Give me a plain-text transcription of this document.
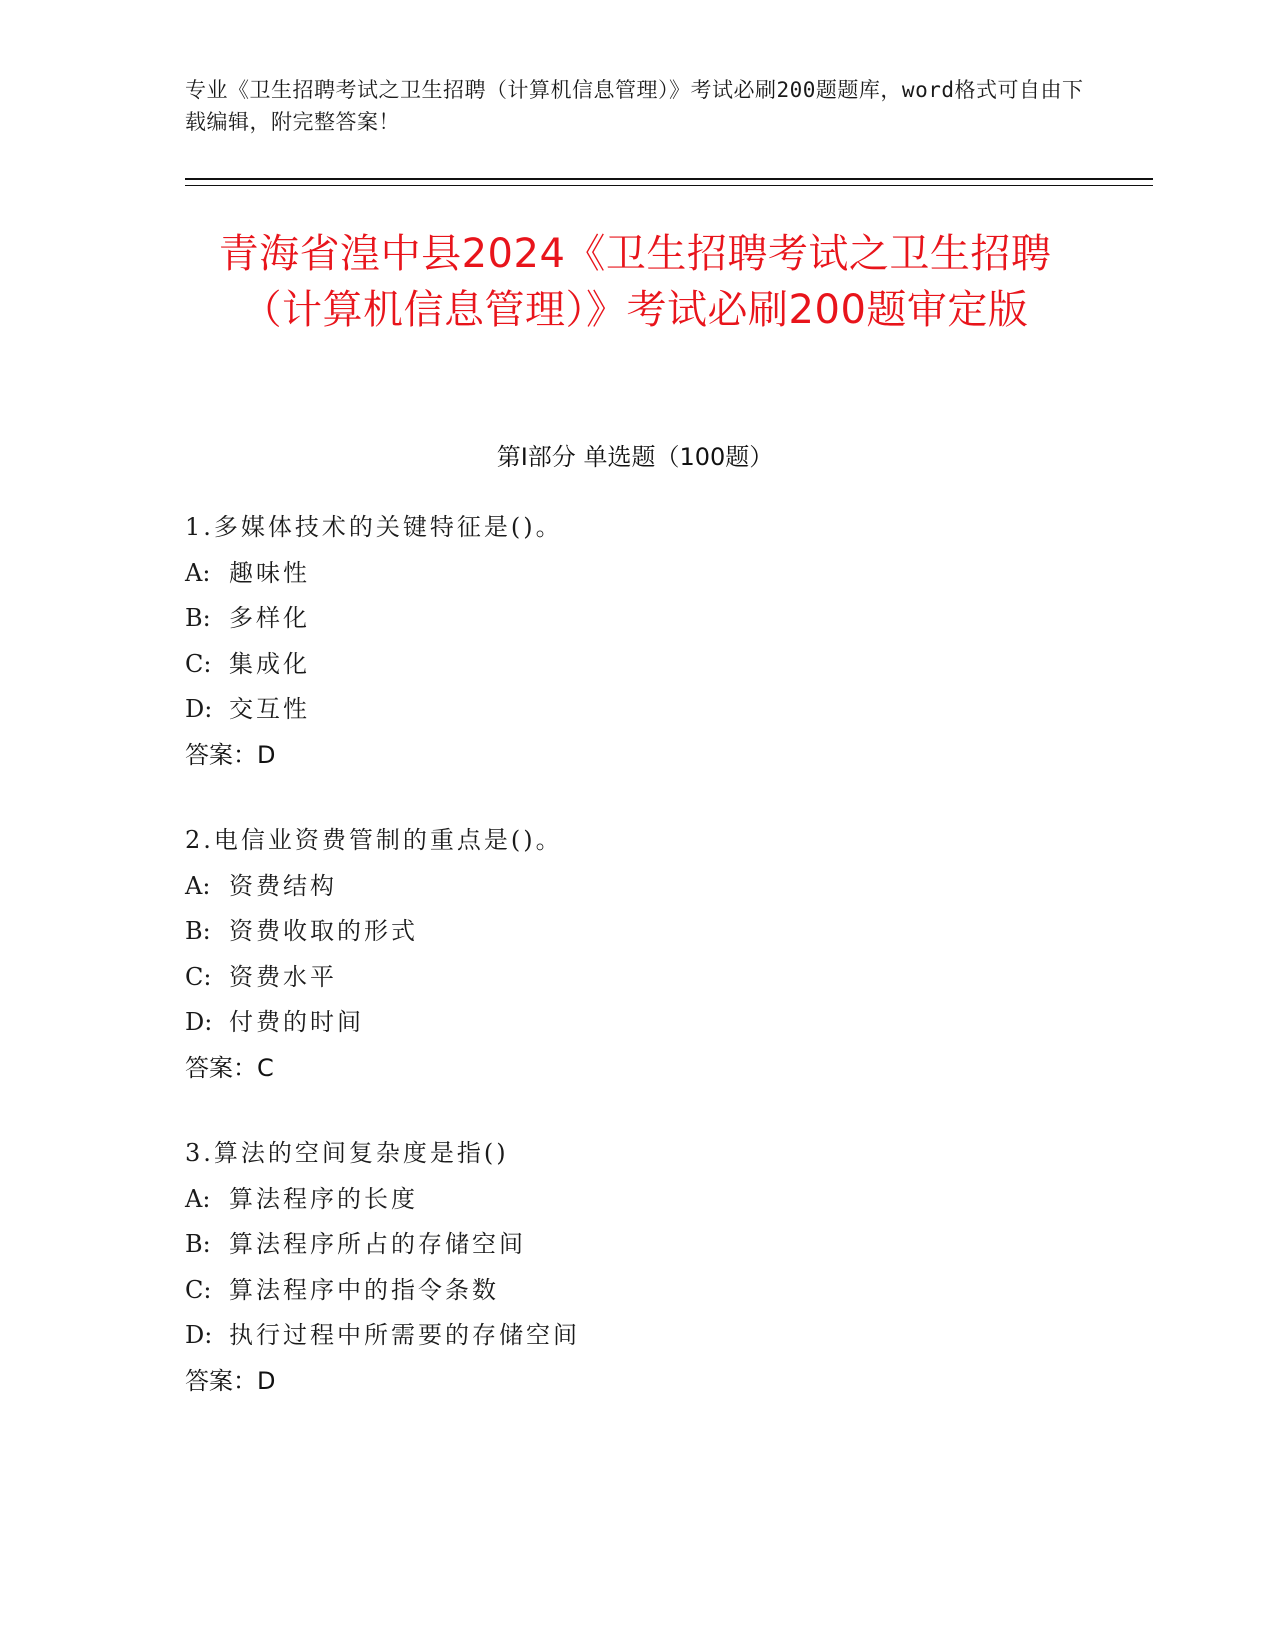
专业《卫生招聘考试之卫生招聘（计算机信息管理）》考试必刷200题题库，word格式可自由下载编辑，附完整答案！
青海省湟中县2024《卫生招聘考试之卫生招聘（计算机信息管理）》考试必刷200题审定版
第Ⅰ部分 单选题（100题）
1.多媒体技术的关键特征是()。
A: 趣味性
B: 多样化
C: 集成化
D: 交互性
答案：D
2.电信业资费管制的重点是()。
A: 资费结构
B: 资费收取的形式
C: 资费水平
D: 付费的时间
答案：C
3.算法的空间复杂度是指()
A: 算法程序的长度
B: 算法程序所占的存储空间
C: 算法程序中的指令条数
D: 执行过程中所需要的存储空间
答案：D
